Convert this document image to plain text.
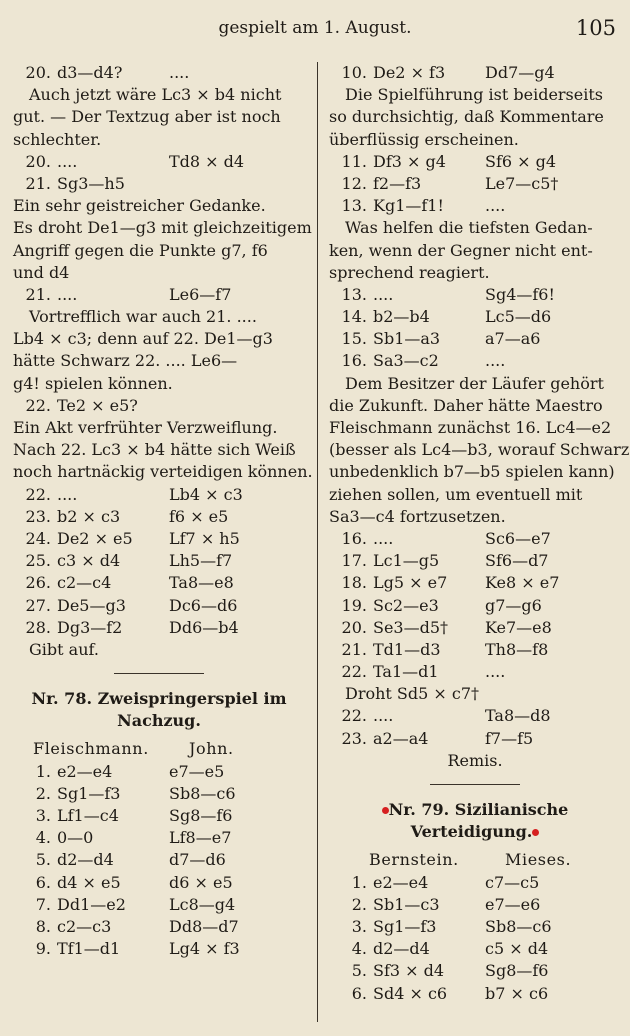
gespielt am 1. August.	105
20. d3—d4?	....
Auch jetzt wäre Lc3 × b4 nicht
gut. — Der Textzug aber ist noch
schlechter.
20. ....	Td8 × d4
21. Sg3—h5
Ein sehr geistreicher Gedanke.
Es droht De1—g3 mit gleichzeitigem
Angriff gegen die Punkte g7, f6
und d4
21. ....	Le6—f7
Vortrefflich war auch 21. ....
Lb4 × c3; denn auf 22. De1—g3
hätte Schwarz 22. .... Le6—
g4! spielen können.
22. Te2 × e5?
Ein Akt verfrühter Verzweiflung.
Nach 22. Lc3 × b4 hätte sich Weiß
noch hartnäckig verteidigen können.
22. ....	Lb4 × c3
23. b2 × c3	f6 × e5
24. De2 × e5	Lf7 × h5
25. c3 × d4	Lh5—f7
26. c2—c4	Ta8—e8
27. De5—g3	Dc6—d6
28. Dg3—f2	Dd6—b4
Gibt auf.
Nr. 78. Zweispringerspiel im
Nachzug.
Fleischmann.	John.
1. e2—e4	e7—e5
2. Sg1—f3	Sb8—c6
3. Lf1—c4	Sg8—f6
4. 0—0	Lf8—e7
5. d2—d4	d7—d6
6. d4 × e5	d6 × e5
7. Dd1—e2	Lc8—g4
8. c2—c3	Dd8—d7
9. Tf1—d1	Lg4 × f3
10. De2 × f3	Dd7—g4
Die Spielführung ist beiderseits
so durchsichtig, daß Kommentare
überflüssig erscheinen.
11. Df3 × g4	Sf6 × g4
12. f2—f3	Le7—c5†
13. Kg1—f1!	....
Was helfen die tiefsten Gedan-
ken, wenn der Gegner nicht ent-
sprechend reagiert.
13. ....	Sg4—f6!
14. b2—b4	Lc5—d6
15. Sb1—a3	a7—a6
16. Sa3—c2	....
Dem Besitzer der Läufer gehört
die Zukunft. Daher hätte Maestro
Fleischmann zunächst 16. Lc4—e2
(besser als Lc4—b3, worauf Schwarz
unbedenklich b7—b5 spielen kann)
ziehen sollen, um eventuell mit
Sa3—c4 fortzusetzen.
16. ....	Sc6—e7
17. Lc1—g5	Sf6—d7
18. Lg5 × e7	Ke8 × e7
19. Sc2—e3	g7—g6
20. Se3—d5†	Ke7—e8
21. Td1—d3	Th8—f8
22. Ta1—d1	....
Droht Sd5 × c7†
22. ....	Ta8—d8
23. a2—a4	f7—f5
Remis.
Nr. 79. Sizilianische Verteidigung.
Bernstein.	Mieses.
1. e2—e4	c7—c5
2. Sb1—c3	e7—e6
3. Sg1—f3	Sb8—c6
4. d2—d4	c5 × d4
5. Sf3 × d4	Sg8—f6
6. Sd4 × c6	b7 × c6
